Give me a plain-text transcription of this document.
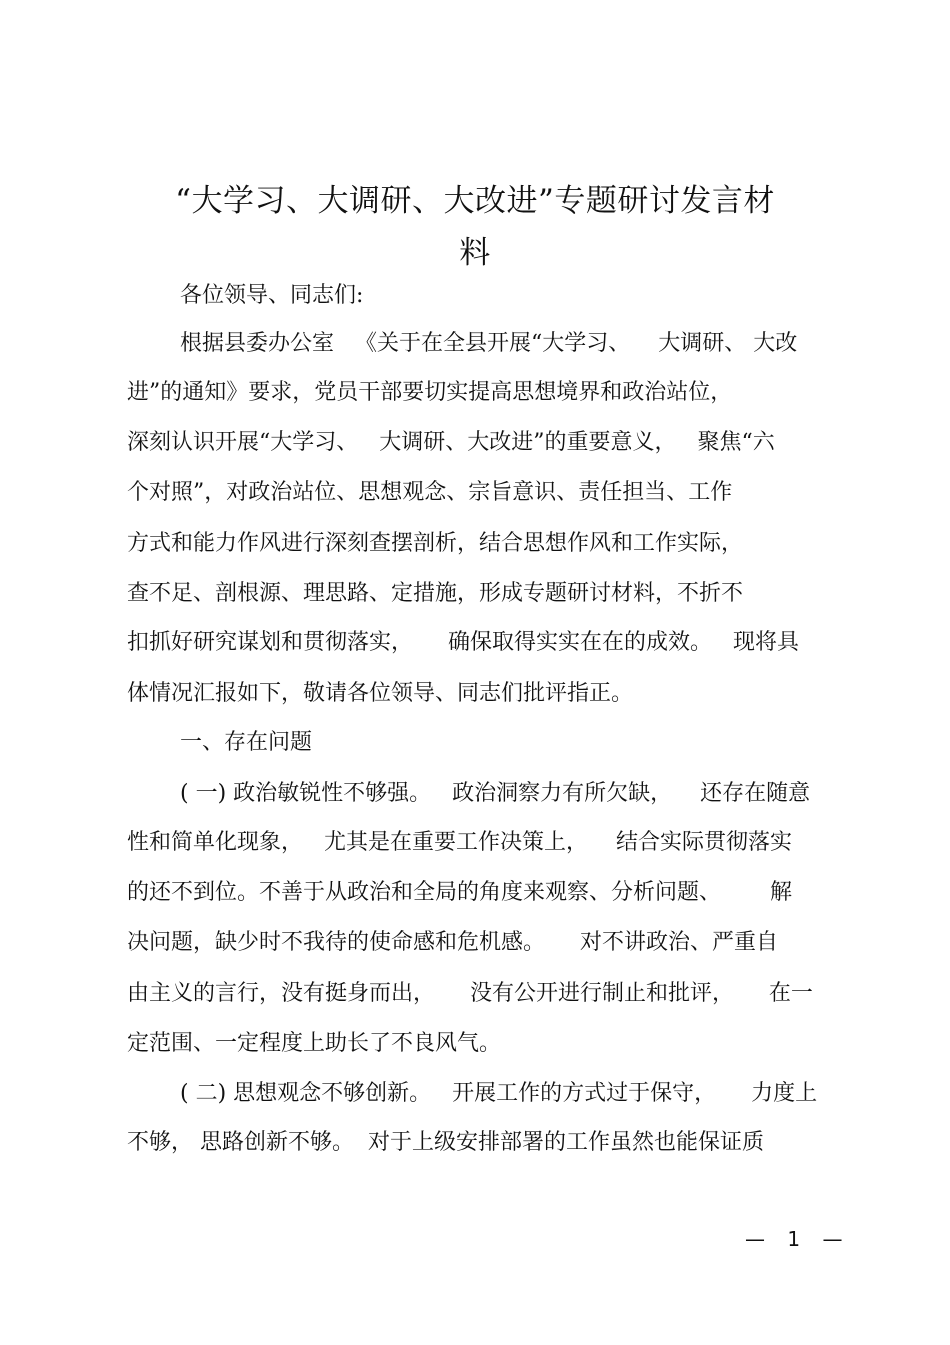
“大学习、大调研、大改进”专题研讨发言材
料
各位领导、同志们:
根据县委办公室   《关于在全县开展“大学习、    大调研、 大改
进”的通知》要求，党员干部要切实提高思想境界和政治站位，
深刻认识开展“大学习、   大调研、大改进”的重要意义，   聚焦“六
个对照”，对政治站位、思想观念、宗旨意识、责任担当、工作
方式和能力作风进行深刻查摆剖析，结合思想作风和工作实际，
查不足、剖根源、理思路、定措施，形成专题研讨材料，不折不
扣抓好研究谋划和贯彻落实，     确保取得实实在在的成效。   现将具
体情况汇报如下，敬请各位领导、同志们批评指正。
一、存在问题
( 一) 政治敏锐性不够强。   政治洞察力有所欠缺，    还存在随意
性和简单化现象，   尤其是在重要工作决策上，    结合实际贯彻落实
的还不到位。不善于从政治和全局的角度来观察、分析问题、       解
决问题，缺少时不我待的使命感和危机感。     对不讲政治、严重自
由主义的言行，没有挺身而出，     没有公开进行制止和批评，     在一
定范围、一定程度上助长了不良风气。
( 二) 思想观念不够创新。   开展工作的方式过于保守，     力度上
不够， 思路创新不够。  对于上级安排部署的工作虽然也能保证质
— 1 —
